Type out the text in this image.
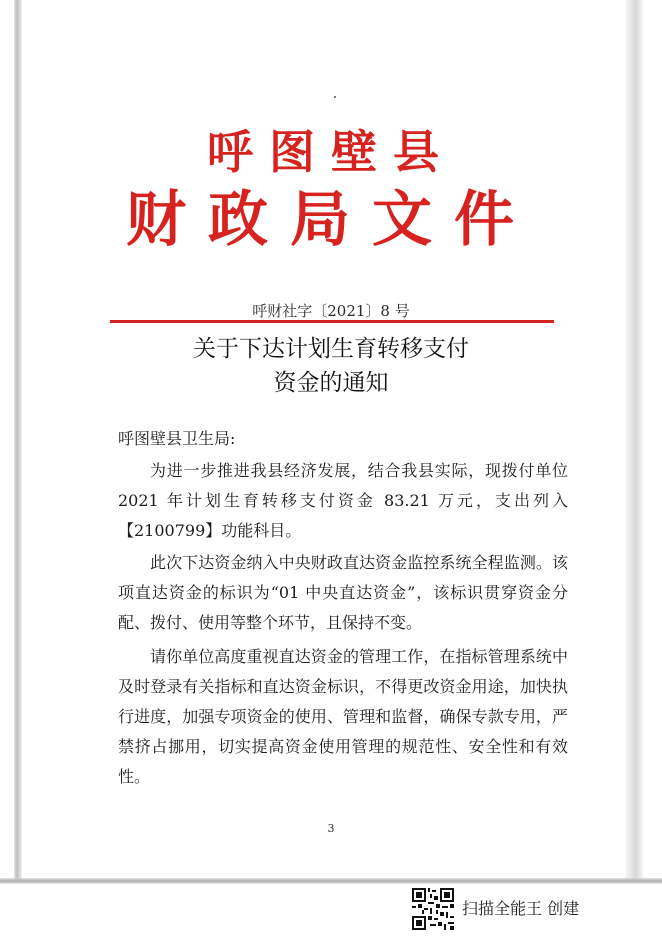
呼图壁县
财政局文件
呼财社字〔2021〕8 号
关于下达计划生育转移支付
资金的通知
呼图壁县卫生局:
为进一步推进我县经济发展，结合我县实际，现拨付单位 2021 年计划生育转移支付资金 83.21 万元，支出列入【2100799】功能科目。
此次下达资金纳入中央财政直达资金监控系统全程监测。该项直达资金的标识为“01 中央直达资金”，该标识贯穿资金分配、拨付、使用等整个环节，且保持不变。
请你单位高度重视直达资金的管理工作，在指标管理系统中及时登录有关指标和直达资金标识，不得更改资金用途，加快执行进度，加强专项资金的使用、管理和监督，确保专款专用，严禁挤占挪用，切实提高资金使用管理的规范性、安全性和有效性。
3
扫描全能王 创建
